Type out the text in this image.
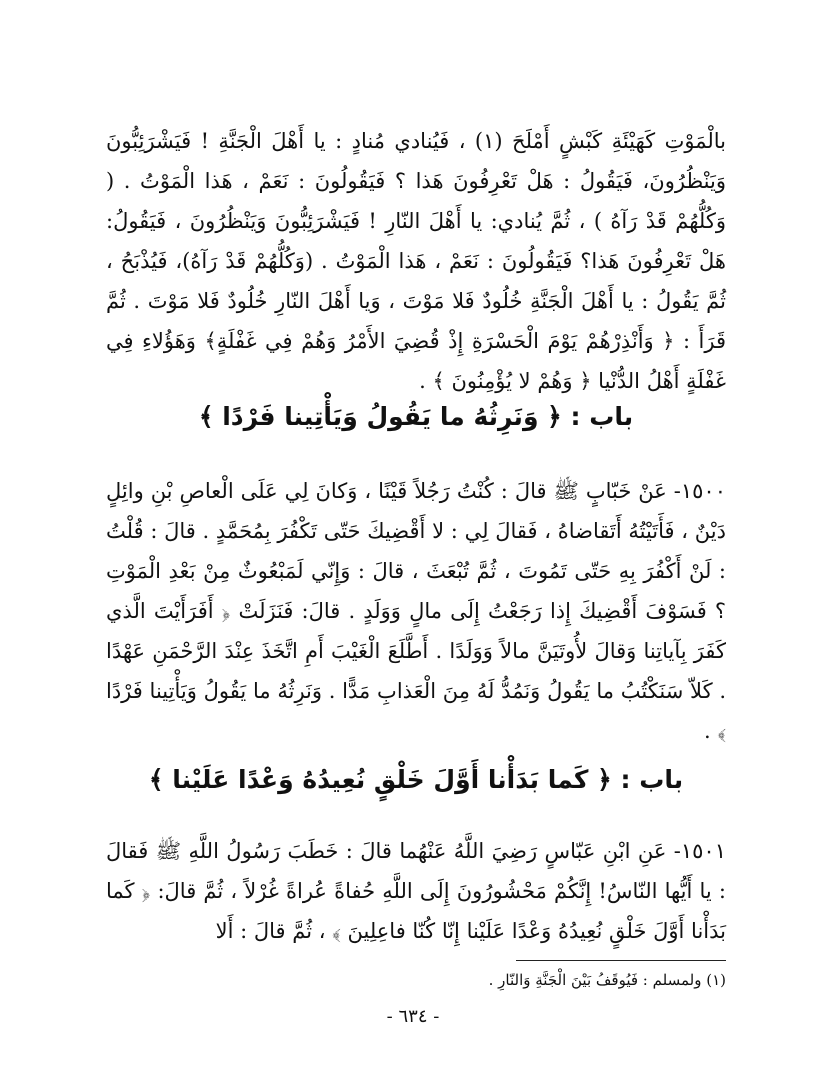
بالْمَوْتِ كَهَيْئَةِ كَبْشٍ أَمْلَحَ (١) ، فَيُنادي مُنادٍ : يا أَهْلَ الْجَنَّةِ ! فَيَشْرَئِبُّونَ وَيَنْظُرُونَ، فَيَقُولُ : هَلْ تَعْرِفُونَ هَذا ؟ فَيَقُولُونَ : نَعَمْ ، هَذا الْمَوْتُ . ( وَكُلُّهُمْ قَدْ رَآهُ ) ، ثُمَّ يُنادي: يا أَهْلَ النّارِ ! فَيَشْرَئِبُّونَ وَيَنْظُرُونَ ، فَيَقُولُ: هَلْ تَعْرِفُونَ هَذا؟ فَيَقُولُونَ : نَعَمْ ، هَذا الْمَوْتُ . (وَكُلُّهُمْ قَدْ رَآهُ)، فَيُذْبَحُ ، ثُمَّ يَقُولُ : يا أَهْلَ الْجَنَّةِ خُلُودٌ فَلا مَوْتَ ، وَيا أَهْلَ النّارِ خُلُودٌ فَلا مَوْتَ . ثُمَّ قَرَأَ : ﴿ وَأَنْذِرْهُمْ يَوْمَ الْحَسْرَةِ إِذْ قُضِيَ الأَمْرُ وَهُمْ فِي غَفْلَةٍ﴾ وَهَؤُلاءِ فِي غَفْلَةٍ أَهْلُ الدُّنْيا ﴿ وَهُمْ لا يُؤْمِنُونَ ﴾ .

باب : ﴿ وَنَرِثُهُ ما يَقُولُ وَيَأْتِينا فَرْدًا ﴾

١٥٠٠- عَنْ خَبّابٍ ﷺ قالَ : كُنْتُ رَجُلاً قَيْنًا ، وَكانَ لِي عَلَى الْعاصِ بْنِ وائِلٍ دَيْنٌ ، فَأَتَيْتُهُ أَتَقاضاهُ ، فَقالَ لِي : لا أَقْضِيكَ حَتّى تَكْفُرَ بِمُحَمَّدٍ . قالَ : قُلْتُ : لَنْ أَكْفُرَ بِهِ حَتّى تَمُوتَ ، ثُمَّ تُبْعَثَ ، قالَ : وَإِنّي لَمَبْعُوثٌ مِنْ بَعْدِ الْمَوْتِ ؟ فَسَوْفَ أَقْضِيكَ إِذا رَجَعْتُ إِلَى مالٍ وَوَلَدٍ . قالَ: فَنَزَلَتْ ﴿ أَفَرَأَيْتَ الَّذي كَفَرَ بِآياتِنا وَقالَ لأُوتَيَنَّ مالاً وَوَلَدًا . أَطَّلَعَ الْغَيْبَ أَمِ اتَّخَذَ عِنْدَ الرَّحْمَنِ عَهْدًا . كَلاّ سَنَكْتُبُ ما يَقُولُ وَنَمُدُّ لَهُ مِنَ الْعَذابِ مَدًّا . وَنَرِثُهُ ما يَقُولُ وَيَأْتِينا فَرْدًا ﴾ .

باب : ﴿ كَما بَدَأْنا أَوَّلَ خَلْقٍ نُعِيدُهُ وَعْدًا عَلَيْنا ﴾

١٥٠١- عَنِ ابْنِ عَبّاسٍ رَضِيَ اللَّهُ عَنْهُما قالَ : خَطَبَ رَسُولُ اللَّهِ ﷺ فَقالَ : يا أَيُّها النّاسُ! إِنَّكُمْ مَحْشُورُونَ إِلَى اللَّهِ حُفاةً عُراةً غُرْلاً ، ثُمَّ قالَ: ﴿ كَما بَدَأْنا أَوَّلَ خَلْقٍ نُعِيدُهُ وَعْدًا عَلَيْنا إِنّا كُنّا فاعِلِينَ ﴾ ، ثُمَّ قالَ : أَلا

(١) ولمسلم : فَيُوقَفُ بَيْنَ الْجَنَّةِ وَالنّارِ .
- ٦٣٤ -
